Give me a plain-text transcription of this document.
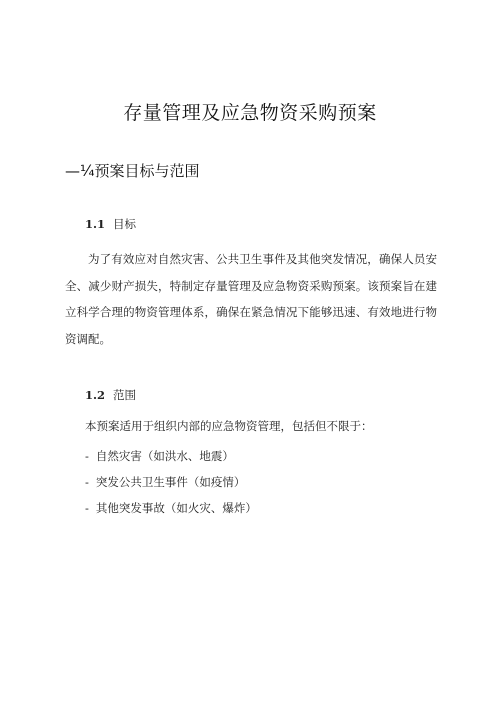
存量管理及应急物资采购预案
—¼预案目标与范围
1.1 目标

为了有效应对自然灾害、公共卫生事件及其他突发情况，确保人员安全、减少财产损失，特制定存量管理及应急物资采购预案。该预案旨在建立科学合理的物资管理体系，确保在紧急情况下能够迅速、有效地进行物资调配。

1.2 范围
本预案适用于组织内部的应急物资管理，包括但不限于：
- 自然灾害（如洪水、地震）
- 突发公共卫生事件（如疫情）
- 其他突发事故（如火灾、爆炸）
